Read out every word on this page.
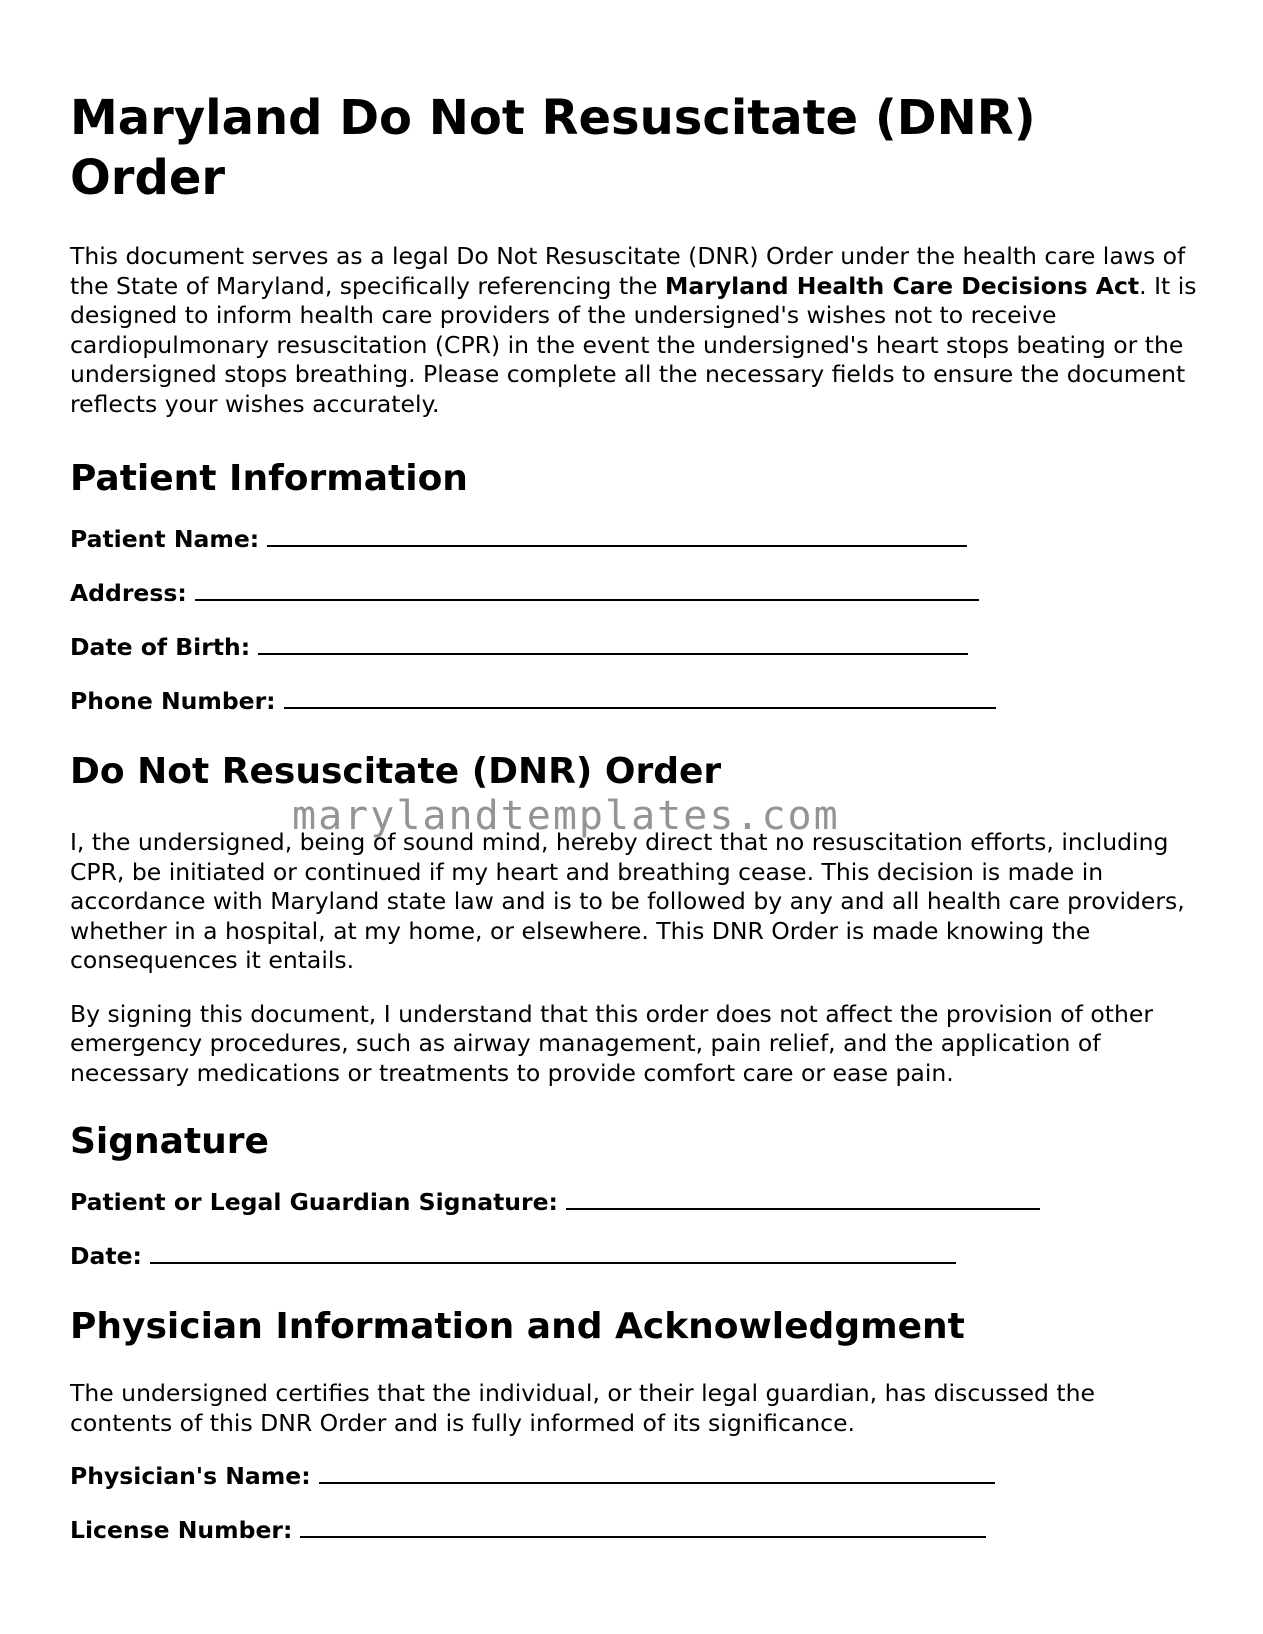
Maryland Do Not Resuscitate (DNR) Order

This document serves as a legal Do Not Resuscitate (DNR) Order under the health care laws of the State of Maryland, specifically referencing the Maryland Health Care Decisions Act. It is designed to inform health care providers of the undersigned's wishes not to receive cardiopulmonary resuscitation (CPR) in the event the undersigned's heart stops beating or the undersigned stops breathing. Please complete all the necessary fields to ensure the document reflects your wishes accurately.

Patient Information
Patient Name:
Address:
Date of Birth:
Phone Number:
Do Not Resuscitate (DNR) Order

I, the undersigned, being of sound mind, hereby direct that no resuscitation efforts, including CPR, be initiated or continued if my heart and breathing cease. This decision is made in accordance with Maryland state law and is to be followed by any and all health care providers, whether in a hospital, at my home, or elsewhere. This DNR Order is made knowing the consequences it entails.

By signing this document, I understand that this order does not affect the provision of other emergency procedures, such as airway management, pain relief, and the application of necessary medications or treatments to provide comfort care or ease pain.

Signature
Patient or Legal Guardian Signature:
Date:
Physician Information and Acknowledgment

The undersigned certifies that the individual, or their legal guardian, has discussed the contents of this DNR Order and is fully informed of its significance.

Physician's Name:
License Number:
marylandtemplates.com
